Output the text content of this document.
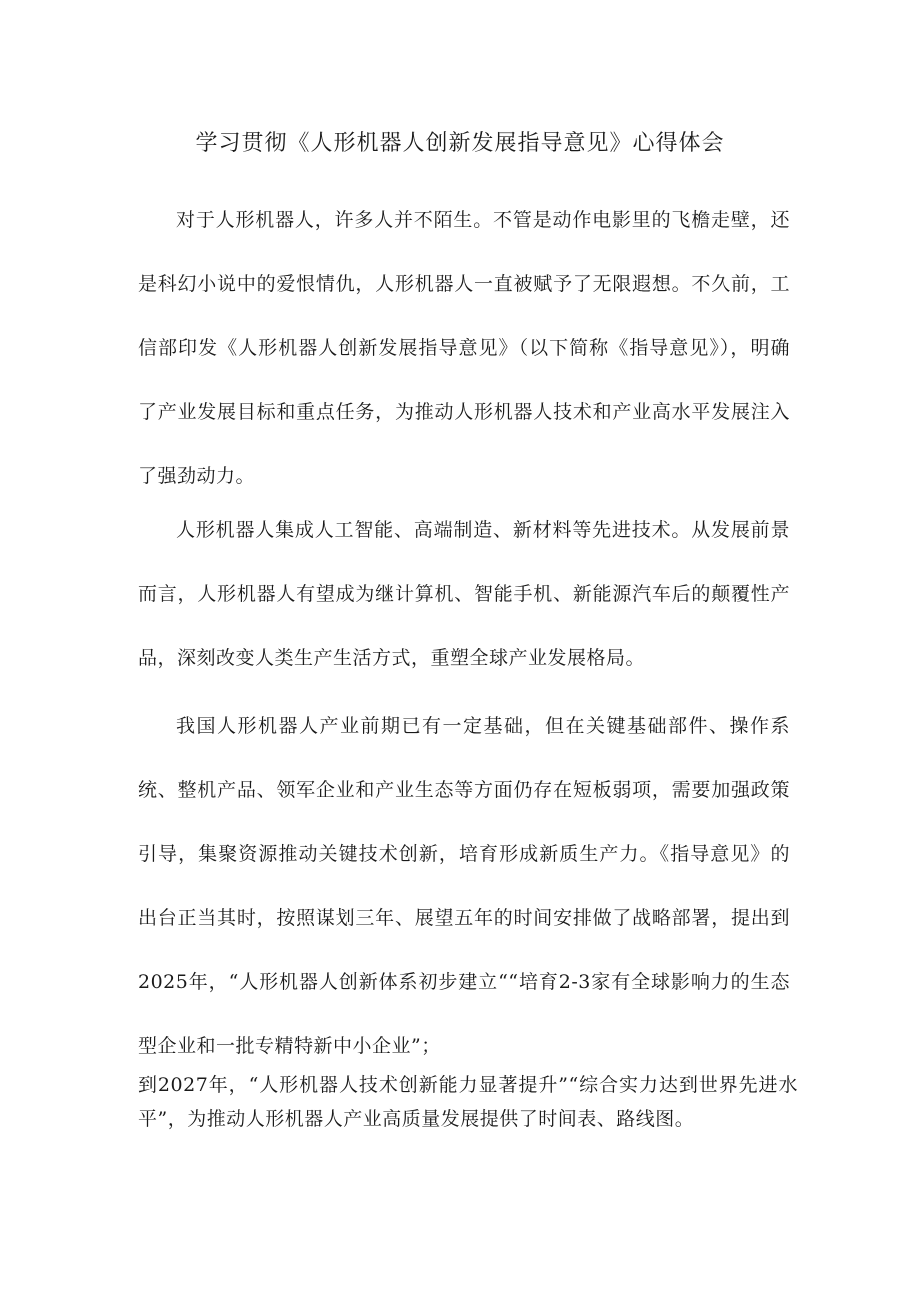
学习贯彻《人形机器人创新发展指导意见》心得体会

对于人形机器人，许多人并不陌生。不管是动作电影里的飞檐走壁，还是科幻小说中的爱恨情仇，人形机器人一直被赋予了无限遐想。不久前，工信部印发《人形机器人创新发展指导意见》（以下简称《指导意见》），明确了产业发展目标和重点任务，为推动人形机器人技术和产业高水平发展注入了强劲动力。

人形机器人集成人工智能、高端制造、新材料等先进技术。从发展前景而言，人形机器人有望成为继计算机、智能手机、新能源汽车后的颠覆性产品，深刻改变人类生产生活方式，重塑全球产业发展格局。

我国人形机器人产业前期已有一定基础，但在关键基础部件、操作系统、整机产品、领军企业和产业生态等方面仍存在短板弱项，需要加强政策引导，集聚资源推动关键技术创新，培育形成新质生产力。《指导意见》的出台正当其时，按照谋划三年、展望五年的时间安排做了战略部署，提出到2025年，“人形机器人创新体系初步建立““培育2-3家有全球影响力的生态型企业和一批专精特新中小企业”；

到2027年，“人形机器人技术创新能力显著提升”“综合实力达到世界先进水平”，为推动人形机器人产业高质量发展提供了时间表、路线图。
